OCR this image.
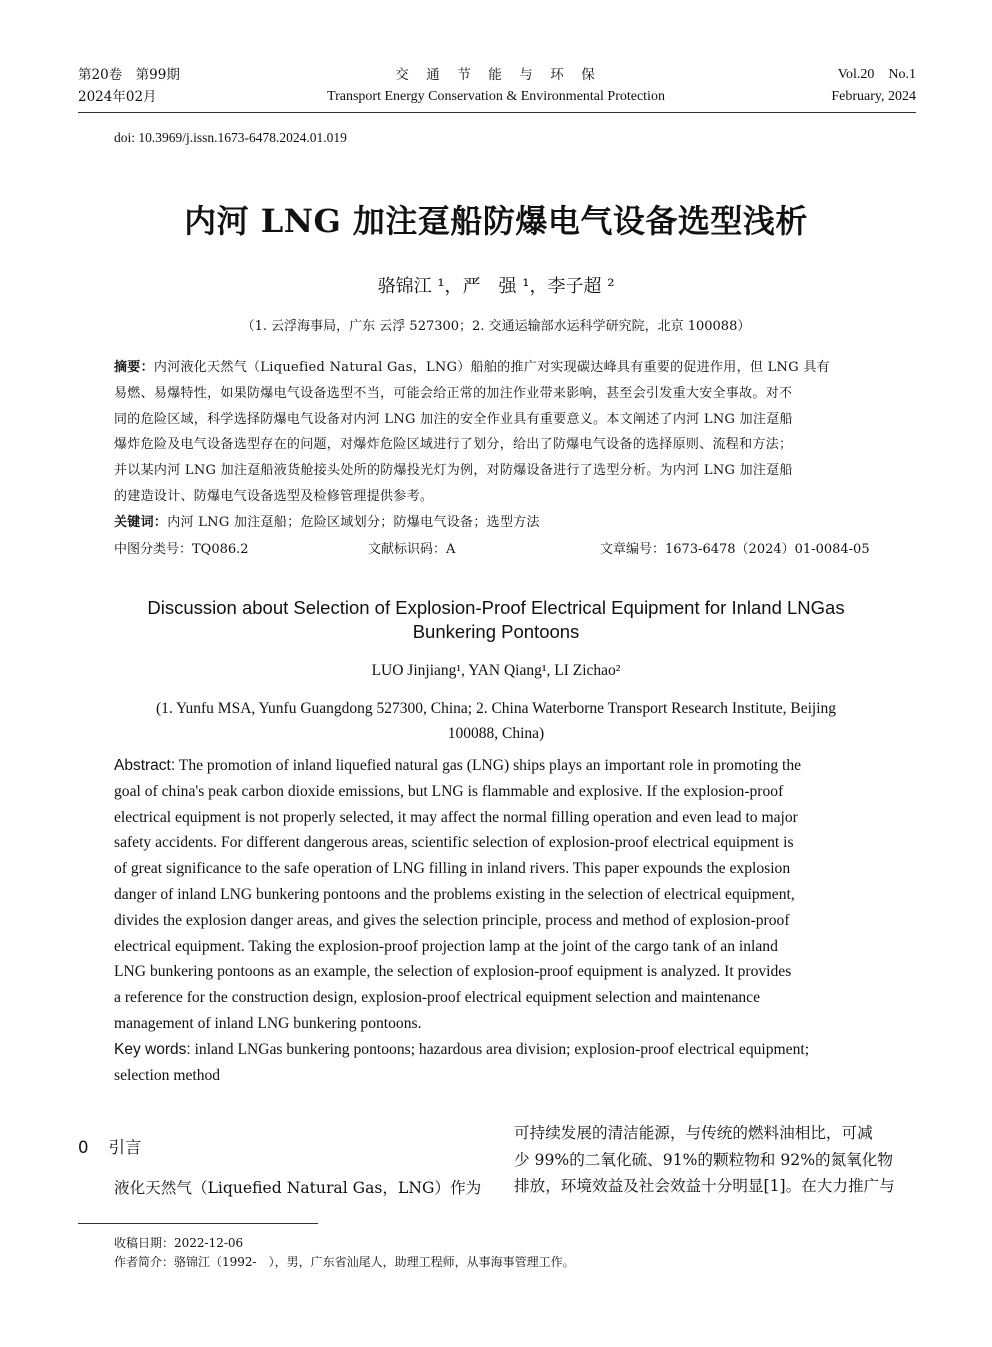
第20卷　第99期
2024年02月
交　通　节　能　与　环　保
Transport Energy Conservation & Environmental Protection
Vol.20　No.1
February, 2024
doi: 10.3969/j.issn.1673-6478.2024.01.019
内河 LNG 加注趸船防爆电气设备选型浅析
骆锦江 ¹，严　强 ¹，李子超 ²
（1. 云浮海事局，广东 云浮 527300；2. 交通运输部水运科学研究院，北京 100088）
摘要：内河液化天然气（Liquefied Natural Gas，LNG）船舶的推广对实现碳达峰具有重要的促进作用，但 LNG 具有
易燃、易爆特性，如果防爆电气设备选型不当，可能会给正常的加注作业带来影响，甚至会引发重大安全事故。对不
同的危险区域，科学选择防爆电气设备对内河 LNG 加注的安全作业具有重要意义。本文阐述了内河 LNG 加注趸船
爆炸危险及电气设备选型存在的问题，对爆炸危险区域进行了划分，给出了防爆电气设备的选择原则、流程和方法；
并以某内河 LNG 加注趸船液货舱接头处所的防爆投光灯为例，对防爆设备进行了选型分析。为内河 LNG 加注趸船
的建造设计、防爆电气设备选型及检修管理提供参考。
关键词：内河 LNG 加注趸船；危险区域划分；防爆电气设备；选型方法
中图分类号：TQ086.2	文献标识码：A	文章编号：1673-6478（2024）01-0084-05
Discussion about Selection of Explosion-Proof Electrical Equipment for Inland LNGas
Bunkering Pontoons
LUO Jinjiang¹, YAN Qiang¹, LI Zichao²
(1. Yunfu MSA, Yunfu Guangdong 527300, China; 2. China Waterborne Transport Research Institute, Beijing
100088, China)
Abstract: The promotion of inland liquefied natural gas (LNG) ships plays an important role in promoting the
goal of china's peak carbon dioxide emissions, but LNG is flammable and explosive. If the explosion-proof
electrical equipment is not properly selected, it may affect the normal filling operation and even lead to major
safety accidents. For different dangerous areas, scientific selection of explosion-proof electrical equipment is
of great significance to the safe operation of LNG filling in inland rivers. This paper expounds the explosion
danger of inland LNG bunkering pontoons and the problems existing in the selection of electrical equipment,
divides the explosion danger areas, and gives the selection principle, process and method of explosion-proof
electrical equipment. Taking the explosion-proof projection lamp at the joint of the cargo tank of an inland
LNG bunkering pontoons as an example, the selection of explosion-proof equipment is analyzed. It provides
a reference for the construction design, explosion-proof electrical equipment selection and maintenance
management of inland LNG bunkering pontoons.
Key words: inland LNGas bunkering pontoons; hazardous area division; explosion-proof electrical equipment;
selection method
0 引言
液化天然气（Liquefied Natural Gas，LNG）作为
可持续发展的清洁能源，与传统的燃料油相比，可减
少 99%的二氧化硫、91%的颗粒物和 92%的氮氧化物
排放，环境效益及社会效益十分明显[1]。在大力推广与
收稿日期：2022-12-06
作者简介：骆锦江（1992-　），男，广东省汕尾人，助理工程师，从事海事管理工作。
